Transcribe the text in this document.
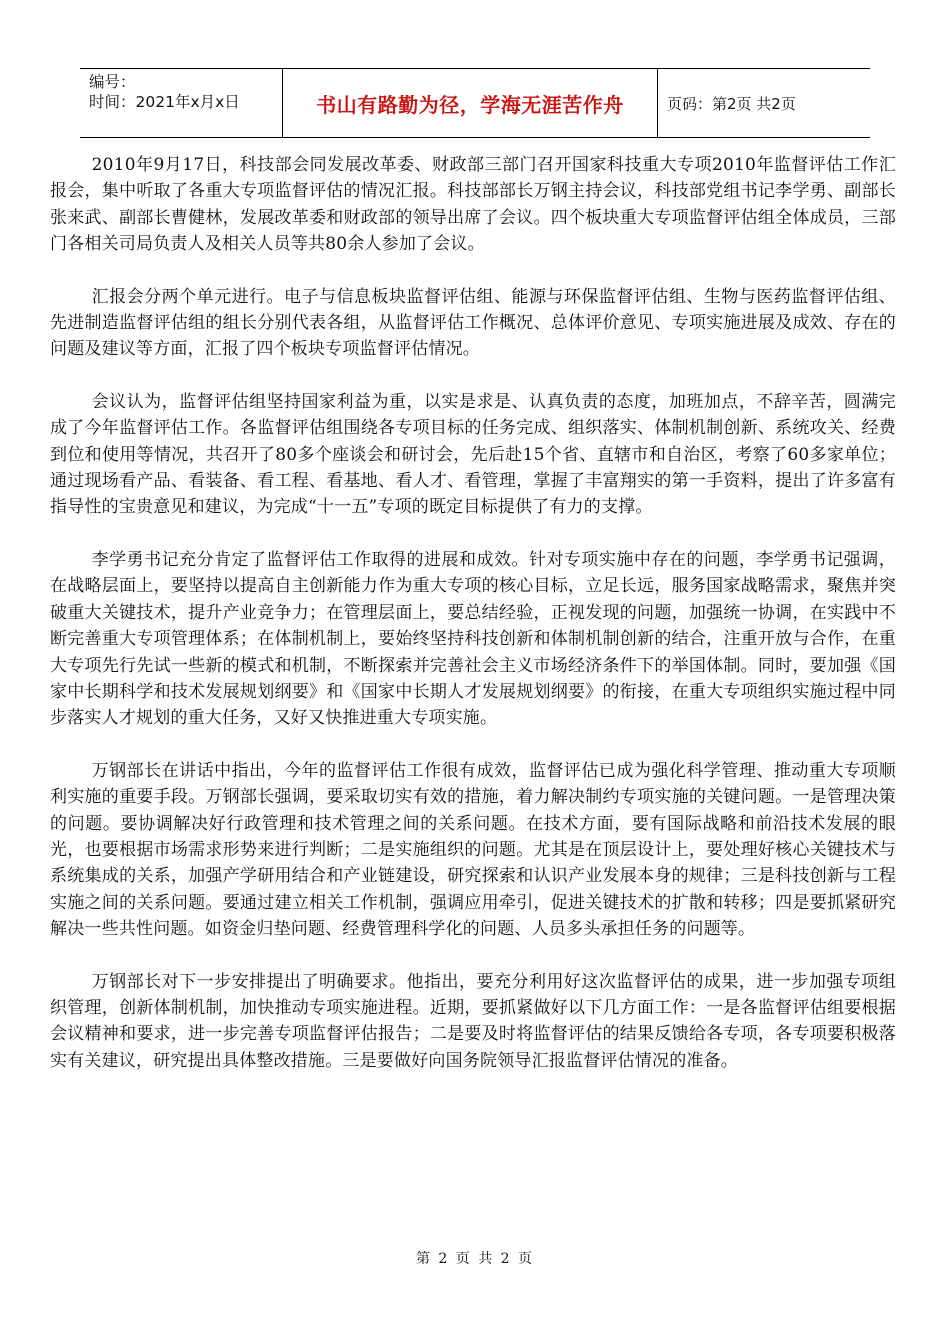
编号：
时间：2021年x月x日	书山有路勤为径，学海无涯苦作舟	页码：第2页 共2页

2010年9月17日，科技部会同发展改革委、财政部三部门召开国家科技重大专项2010年监督评估工作汇报会，集中听取了各重大专项监督评估的情况汇报。科技部部长万钢主持会议，科技部党组书记李学勇、副部长张来武、副部长曹健林，发展改革委和财政部的领导出席了会议。四个板块重大专项监督评估组全体成员，三部门各相关司局负责人及相关人员等共80余人参加了会议。

汇报会分两个单元进行。电子与信息板块监督评估组、能源与环保监督评估组、生物与医药监督评估组、先进制造监督评估组的组长分别代表各组，从监督评估工作概况、总体评价意见、专项实施进展及成效、存在的问题及建议等方面，汇报了四个板块专项监督评估情况。

会议认为，监督评估组坚持国家利益为重，以实是求是、认真负责的态度，加班加点，不辞辛苦，圆满完成了今年监督评估工作。各监督评估组围绕各专项目标的任务完成、组织落实、体制机制创新、系统攻关、经费到位和使用等情况，共召开了80多个座谈会和研讨会，先后赴15个省、直辖市和自治区，考察了60多家单位；通过现场看产品、看装备、看工程、看基地、看人才、看管理，掌握了丰富翔实的第一手资料，提出了许多富有指导性的宝贵意见和建议，为完成“十一五”专项的既定目标提供了有力的支撑。

李学勇书记充分肯定了监督评估工作取得的进展和成效。针对专项实施中存在的问题，李学勇书记强调，在战略层面上，要坚持以提高自主创新能力作为重大专项的核心目标，立足长远，服务国家战略需求，聚焦并突破重大关键技术，提升产业竞争力；在管理层面上，要总结经验，正视发现的问题，加强统一协调，在实践中不断完善重大专项管理体系；在体制机制上，要始终坚持科技创新和体制机制创新的结合，注重开放与合作，在重大专项先行先试一些新的模式和机制，不断探索并完善社会主义市场经济条件下的举国体制。同时，要加强《国家中长期科学和技术发展规划纲要》和《国家中长期人才发展规划纲要》的衔接，在重大专项组织实施过程中同步落实人才规划的重大任务，又好又快推进重大专项实施。

万钢部长在讲话中指出，今年的监督评估工作很有成效，监督评估已成为强化科学管理、推动重大专项顺利实施的重要手段。万钢部长强调，要采取切实有效的措施，着力解决制约专项实施的关键问题。一是管理决策的问题。要协调解决好行政管理和技术管理之间的关系问题。在技术方面，要有国际战略和前沿技术发展的眼光，也要根据市场需求形势来进行判断；二是实施组织的问题。尤其是在顶层设计上，要处理好核心关键技术与系统集成的关系，加强产学研用结合和产业链建设，研究探索和认识产业发展本身的规律；三是科技创新与工程实施之间的关系问题。要通过建立相关工作机制，强调应用牵引，促进关键技术的扩散和转移；四是要抓紧研究解决一些共性问题。如资金归垫问题、经费管理科学化的问题、人员多头承担任务的问题等。

万钢部长对下一步安排提出了明确要求。他指出，要充分利用好这次监督评估的成果，进一步加强专项组织管理，创新体制机制，加快推动专项实施进程。近期，要抓紧做好以下几方面工作：一是各监督评估组要根据会议精神和要求，进一步完善专项监督评估报告；二是要及时将监督评估的结果反馈给各专项，各专项要积极落实有关建议，研究提出具体整改措施。三是要做好向国务院领导汇报监督评估情况的准备。

第 2 页 共 2 页
